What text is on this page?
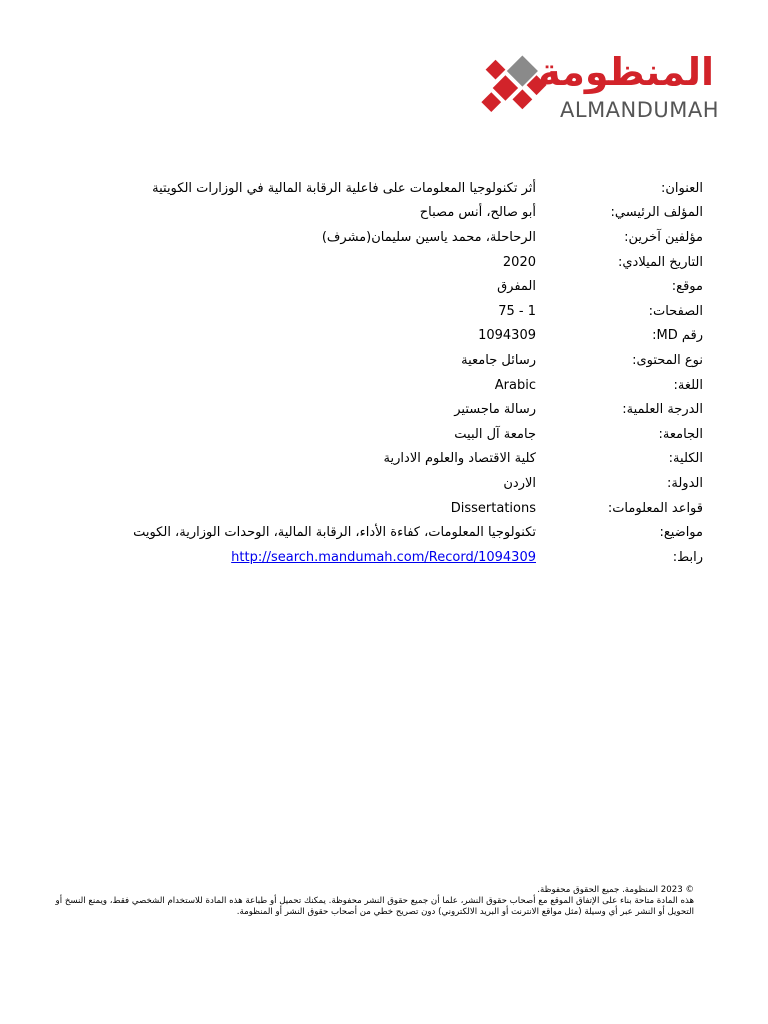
المنظومة
ALMANDUMAH
العنوان:
أثر تكنولوجيا المعلومات على فاعلية الرقابة المالية في الوزارات الكويتية
المؤلف الرئيسي:
أبو صالح، أنس مصباح
مؤلفين آخرين:
الرحاحلة، محمد ياسين سليمان(مشرف)
التاريخ الميلادي:
2020
موقع:
المفرق
الصفحات:
1 - 75
رقم MD:
1094309
نوع المحتوى:
رسائل جامعية
اللغة:
Arabic
الدرجة العلمية:
رسالة ماجستير
الجامعة:
جامعة آل البيت
الكلية:
كلية الاقتصاد والعلوم الادارية
الدولة:
الاردن
قواعد المعلومات:
Dissertations
مواضيع:
تكنولوجيا المعلومات، كفاءة الأداء، الرقابة المالية، الوحدات الوزارية، الكويت
رابط:
http://search.mandumah.com/Record/1094309
© 2023 المنظومة. جميع الحقوق محفوظة.
هذه المادة متاحة بناء على الإتفاق الموقع مع أصحاب حقوق النشر، علما أن جميع حقوق النشر محفوظة. يمكنك تحميل أو طباعة هذه المادة للاستخدام الشخصي فقط، ويمنع النسخ أو التحويل أو النشر عبر أي وسيلة (مثل مواقع الانترنت أو البريد الالكتروني) دون تصريح خطي من أصحاب حقوق النشر أو المنظومة.
